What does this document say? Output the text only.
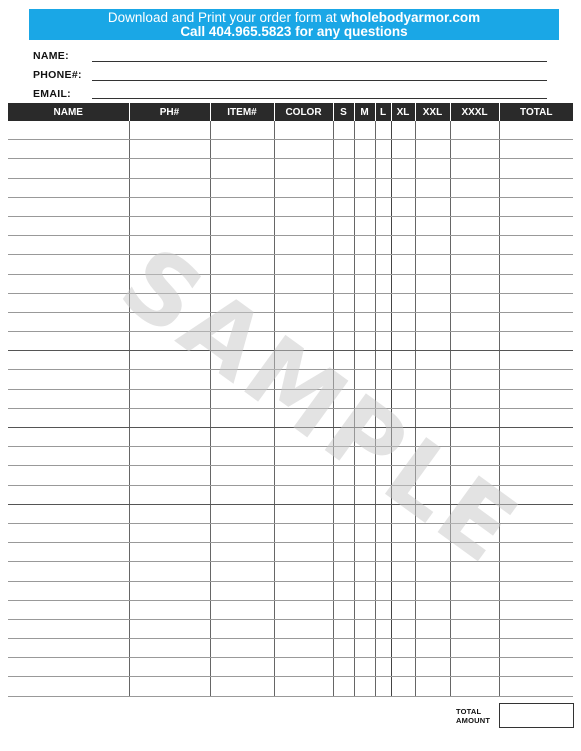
Download and Print your order form at wholebodyarmor.com
Call 404.965.5823 for any questions
NAME:
PHONE#:
EMAIL:
NAME	PH#	ITEM#	COLOR	S	M	L	XL	XXL	XXXL	TOTAL

TOTAL
AMOUNT
SAMPLE
